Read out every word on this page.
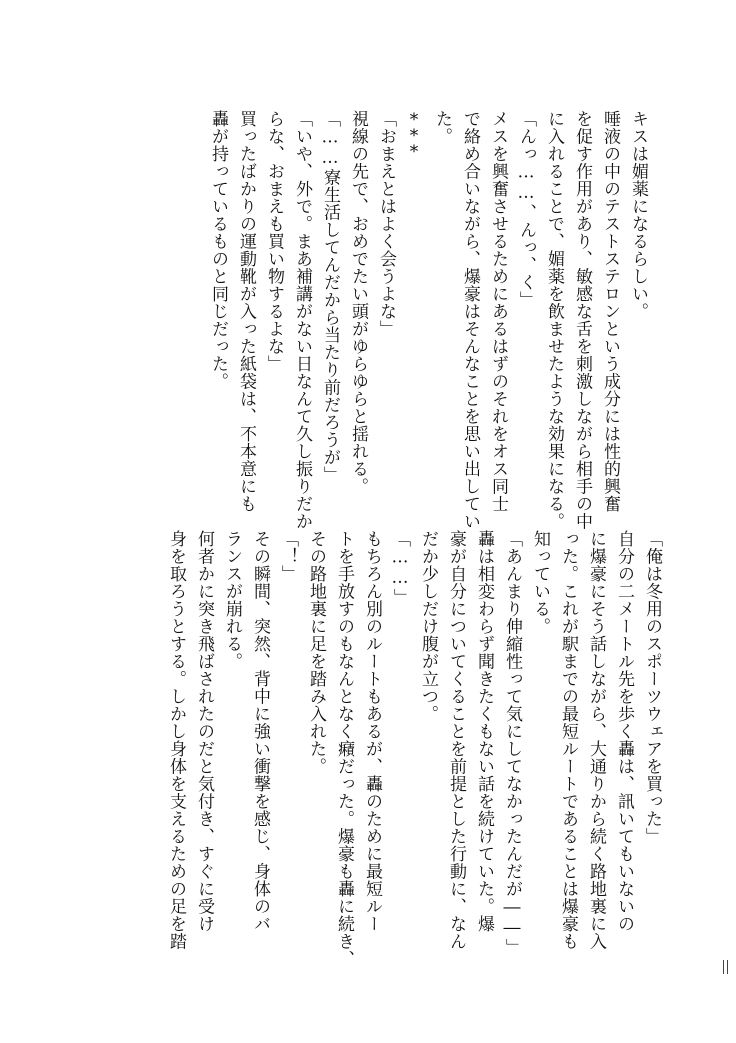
キスは媚薬になるらしい。

唾液の中のテストステロンという成分には性的興奮

を促す作用があり、敏感な舌を刺激しながら相手の中

に入れることで、媚薬を飲ませたような効果になる。

「んっ……、んっ、く」

メスを興奮させるためにあるはずのそれをオス同士

で絡め合いながら、爆豪はそんなことを思い出してい

た。

***

「おまえとはよく会うよな」

視線の先で、おめでたい頭がゆらゆらと揺れる。

「……寮生活してんだから当たり前だろうが」

「いや、外で。まあ補講がない日なんて久し振りだか

らな、おまえも買い物するよな」

買ったばかりの運動靴が入った紙袋は、不本意にも

轟が持っているものと同じだった。

「俺は冬用のスポーツウェアを買った」

自分の二メートル先を歩く轟は、訊いてもいないの

に爆豪にそう話しながら、大通りから続く路地裏に入

った。これが駅までの最短ルートであることは爆豪も

知っている。

「あんまり伸縮性って気にしてなかったんだが――」

轟は相変わらず聞きたくもない話を続けていた。爆

豪が自分についてくることを前提とした行動に、なん

だか少しだけ腹が立つ。

「……」

もちろん別のルートもあるが、轟のために最短ルー

トを手放すのもなんとなく癪だった。爆豪も轟に続き、

その路地裏に足を踏み入れた。

「！」

その瞬間、突然、背中に強い衝撃を感じ、身体のバ

ランスが崩れる。

何者かに突き飛ばされたのだと気付き、すぐに受け

身を取ろうとする。しかし身体を支えるための足を踏
